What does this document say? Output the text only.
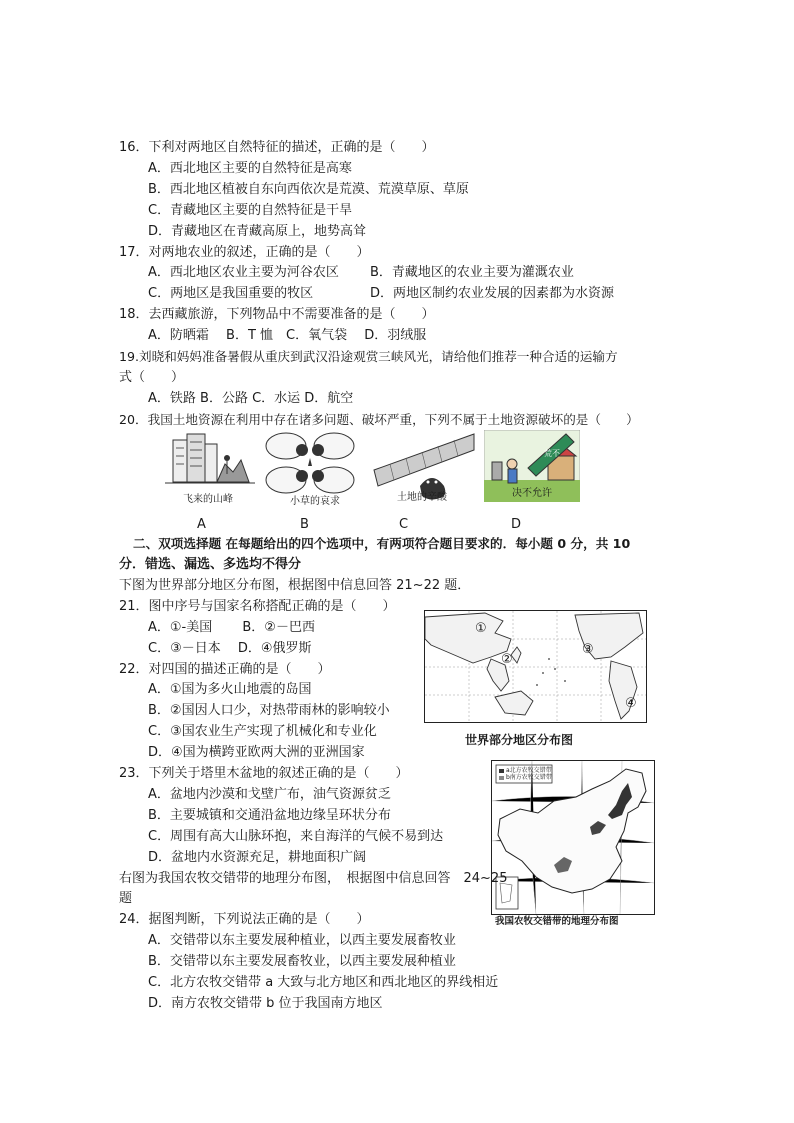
16．下利对两地区自然特征的描述，正确的是（　　）
A．西北地区主要的自然特征是高寒
B．西北地区植被自东向西依次是荒漠、荒漠草原、草原
C．青藏地区主要的自然特征是干旱
D．青藏地区在青藏高原上，地势高耸
17．对两地农业的叙述，正确的是（　　）
A．西北地区农业主要为河谷农区 B．青藏地区的农业主要为灌溉农业
C．两地区是我国重要的牧区	D．两地区制约农业发展的因素都为水资源
18．去西藏旅游，下列物品中不需要准备的是（　　）
A．防晒霜　 B．T 恤　C．氧气袋　 D．羽绒服
19.刘晓和妈妈准备暑假从重庆到武汉沿途观赏三峡风光，请给他们推荐一种合适的运输方
式（　　）
A．铁路 B．公路 C．水运 D．航空
20．我国土地资源在利用中存在诸多问题、破坏严重，下列不属于土地资源破坏的是（　　）
飞来的山峰	小草的哀求	土地的辛酸
荒不
决不允许
A	B	C	D
二、双项选择题 在每题给出的四个选项中，有两项符合题目要求的．每小题 0 分，共 10
分．错选、漏选、多选均不得分
下图为世界部分地区分布图，根据图中信息回答 21~22 题．
21．图中序号与国家名称搭配正确的是（　　）
A．①-美国　　 B．②－巴西
C．③－日本　 D．④俄罗斯
22．对四国的描述正确的是（　　）
A．①国为多火山地震的岛国
B．②国因人口少，对热带雨林的影响较小
C．③国农业生产实现了机械化和专业化
D．④国为横跨亚欧两大洲的亚洲国家
①
②
③
④
世界部分地区分布图
23．下列关于塔里木盆地的叙述正确的是（　　）
A．盆地内沙漠和戈壁广布，油气资源贫乏
B．主要城镇和交通沿盆地边缘呈环状分布
C．周围有高大山脉环抱，来自海洋的气候不易到达
D．盆地内水资源充足，耕地面积广阔
a北方农牧交错带
b南方农牧交错带
我国农牧交错带的地理分布图
右图为我国农牧交错带的地理分布图，　根据图中信息回答　24~25
题
24．据图判断，下列说法正确的是（　　）
A．交错带以东主要发展种植业，以西主要发展畜牧业
B．交错带以东主要发展畜牧业，以西主要发展种植业
C．北方农牧交错带 a 大致与北方地区和西北地区的界线相近
D．南方农牧交错带 b 位于我国南方地区
